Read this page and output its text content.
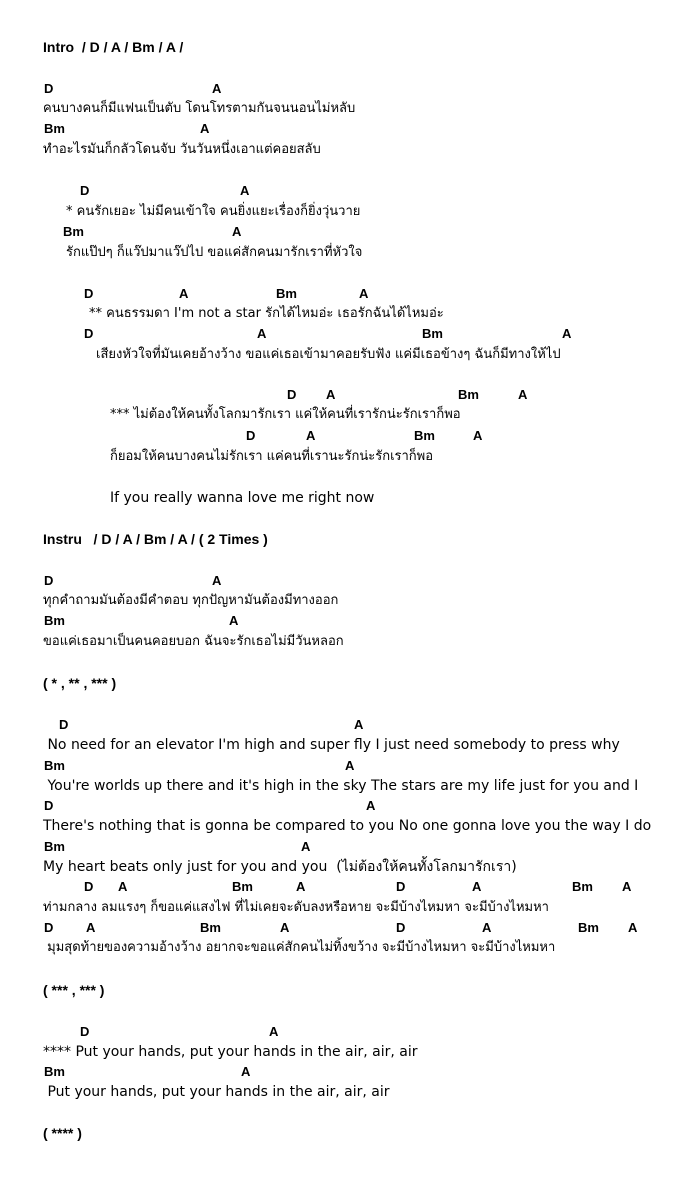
Intro  / D / A / Bm / A /
D	A
คนบางคนก็มีแฟนเป็นตับ โดนโทรตามกันจนนอนไม่หลับ
Bm	A
ทำอะไรมันก็กลัวโดนจับ วันวันหนึ่งเอาแต่คอยสลับ
D	A
* คนรักเยอะ ไม่มีคนเข้าใจ คนยิ่งแยะเรื่องก็ยิ่งวุ่นวาย
Bm	A
รักแป๊ปๆ ก็แว๊ปมาแว๊ปไป ขอแค่สักคนมารักเราที่หัวใจ
D	A	Bm	A
** คนธรรมดา I'm not a star รักได้ไหมอ่ะ เธอรักฉันได้ไหมอ่ะ
D	A	Bm	A
เสียงหัวใจที่มันเคยอ้างว้าง ขอแค่เธอเข้ามาคอยรับฟัง แค่มีเธอข้างๆ ฉันก็มีทางให้ไป
D A	Bm	A
*** ไม่ต้องให้คนทั้งโลกมารักเรา แค่ให้คนที่เรารักน่ะรักเราก็พอ
D	A	Bm	A
ก็ยอมให้คนบางคนไม่รักเรา แค่คนที่เรานะรักน่ะรักเราก็พอ
If you really wanna love me right now
Instru   / D / A / Bm / A / ( 2 Times )
D	A
ทุกคำถามมันต้องมีคำตอบ ทุกปัญหามันต้องมีทางออก
Bm	A
ขอแค่เธอมาเป็นคนคอยบอก ฉันจะรักเธอไม่มีวันหลอก
( * , ** , *** )
D	A
No need for an elevator I'm high and super fly I just need somebody to press why
Bm	A
You're worlds up there and it's high in the sky The stars are my life just for you and I
D	A
There's nothing that is gonna be compared to you No one gonna love you the way I do
Bm	A
My heart beats only just for you and you  (ไม่ต้องให้คนทั้งโลกมารักเรา)
D A	Bm	A	D	A	Bm A
ท่ามกลาง ลมแรงๆ ก็ขอแค่แสงไฟ ที่ไม่เคยจะดับลงหรือหาย จะมีบ้างไหมหา จะมีบ้างไหมหา
D	A	Bm	A	D	A	Bm A
มุมสุดท้ายของความอ้างว้าง อยากจะขอแค่สักคนไม่ทิ้งขว้าง จะมีบ้างไหมหา จะมีบ้างไหมหา
( *** , *** )
D	A
**** Put your hands, put your hands in the air, air, air
Bm	A
Put your hands, put your hands in the air, air, air
( **** )
